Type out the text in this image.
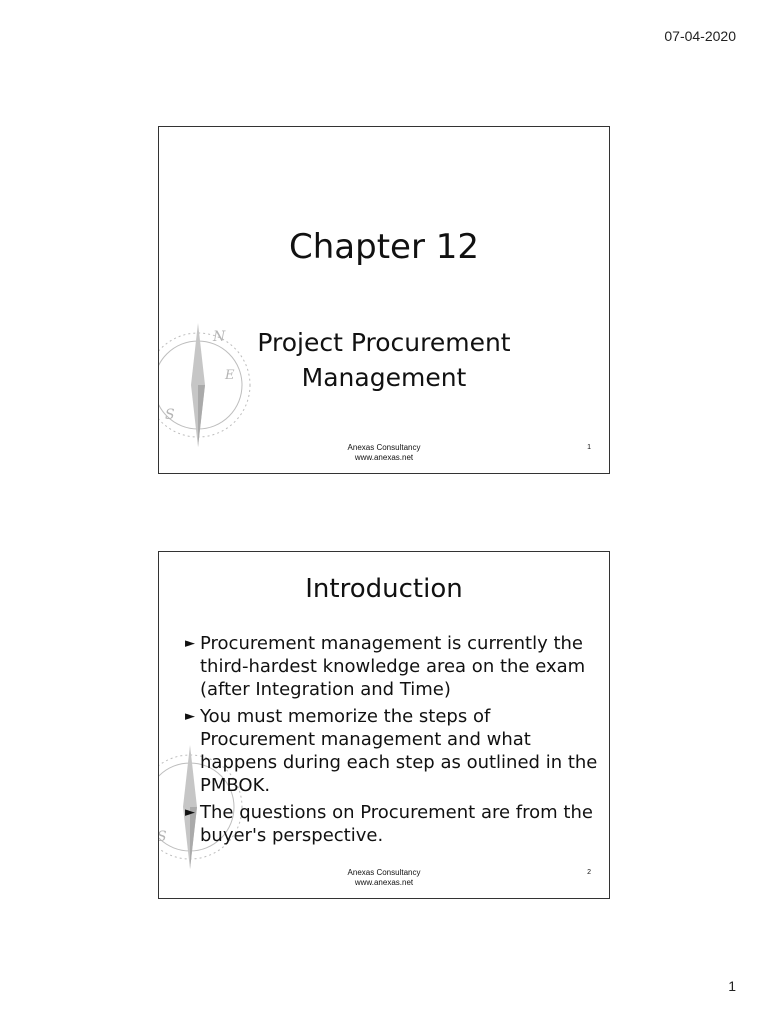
07-04-2020
N
E
S
Chapter 12
Project Procurement
Management
Anexas Consultancy
www.anexas.net
1
S
Introduction
► Procurement management is currently the third-hardest knowledge area on the exam (after Integration and Time)
► You must memorize the steps of Procurement management and what happens during each step as outlined in the PMBOK.
► The questions on Procurement are from the buyer's perspective.
Anexas Consultancy
www.anexas.net
2
1
